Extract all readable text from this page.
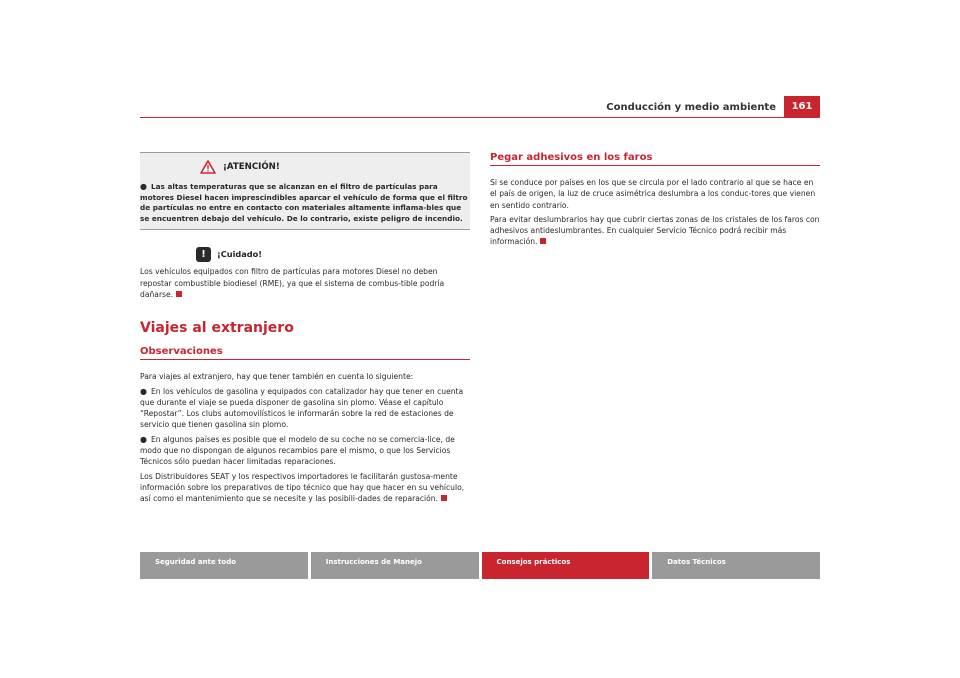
Conducción y medio ambiente	161
¡ATENCIÓN!

● Las altas temperaturas que se alcanzan en el filtro de partículas para motores Diesel hacen imprescindibles aparcar el vehículo de forma que el filtro de partículas no entre en contacto con materiales altamente inflama-bles que se encuentren debajo del vehículo. De lo contrario, existe peligro de incendio.

!	¡Cuidado!

Los vehículos equipados con filtro de partículas para motores Diesel no deben repostar combustible biodiesel (RME), ya que el sistema de combus-tible podría dañarse.

Viajes al extranjero
Observaciones

Para viajes al extranjero, hay que tener también en cuenta lo siguiente:

● En los vehículos de gasolina y equipados con catalizador hay que tener en cuenta que durante el viaje se pueda disponer de gasolina sin plomo. Véase el capítulo “Repostar”. Los clubs automovilísticos le informarán sobre la red de estaciones de servicio que tienen gasolina sin plomo.

● En algunos países es posible que el modelo de su coche no se comercia-lice, de modo que no dispongan de algunos recambios pare el mismo, o que los Servicios Técnicos sólo puedan hacer limitadas reparaciones.

Los Distribuidores SEAT y los respectivos importadores le facilitarán gustosa-mente información sobre los preparativos de tipo técnico que hay que hacer en su vehículo, así como el mantenimiento que se necesite y las posibili-dades de reparación.

Pegar adhesivos en los faros

Si se conduce por países en los que se circula por el lado contrario al que se hace en el país de origen, la luz de cruce asimétrica deslumbra a los conduc-tores que vienen en sentido contrario.

Para evitar deslumbrarlos hay que cubrir ciertas zonas de los cristales de los faros con adhesivos antideslumbrantes. En cualquier Servicio Técnico podrá recibir más información.

Seguridad ante todo	Instrucciones de Manejo	Consejos prácticos	Datos Técnicos
